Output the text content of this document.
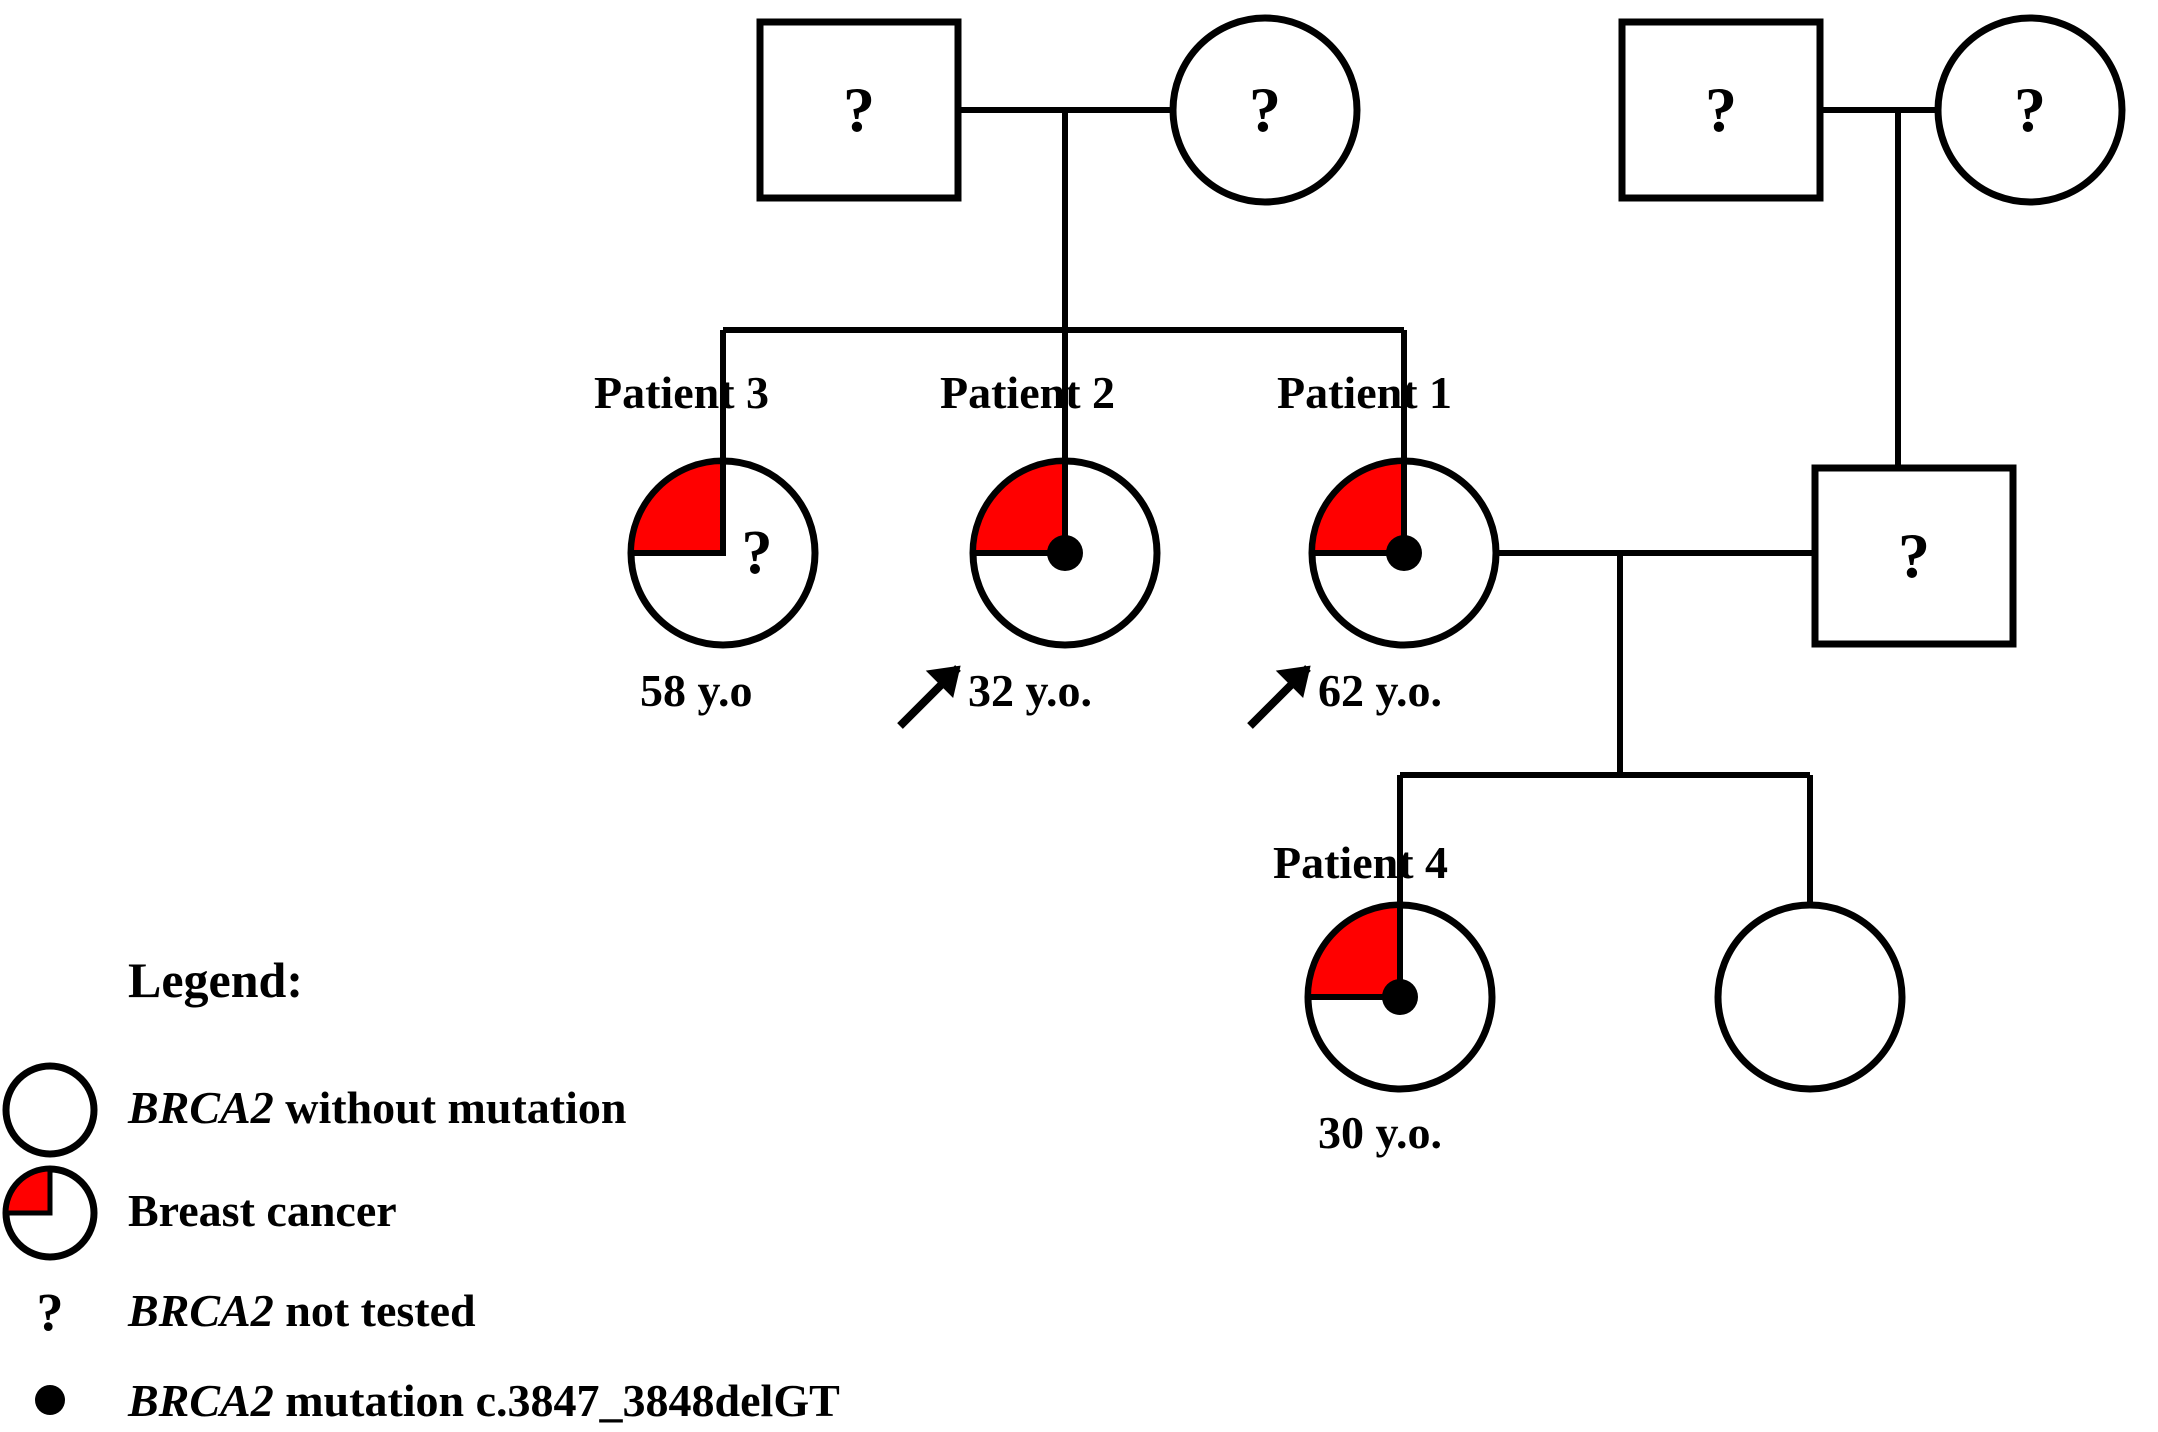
?	?	?	?
?	?
?
Patient 3	Patient 2	Patient 1
Patient 4
58 y.o	32 y.o.	62 y.o.
30 y.o.
Legend:
BRCA2 without mutation
Breast cancer
BRCA2 not tested
BRCA2 mutation c.3847_3848delGT
